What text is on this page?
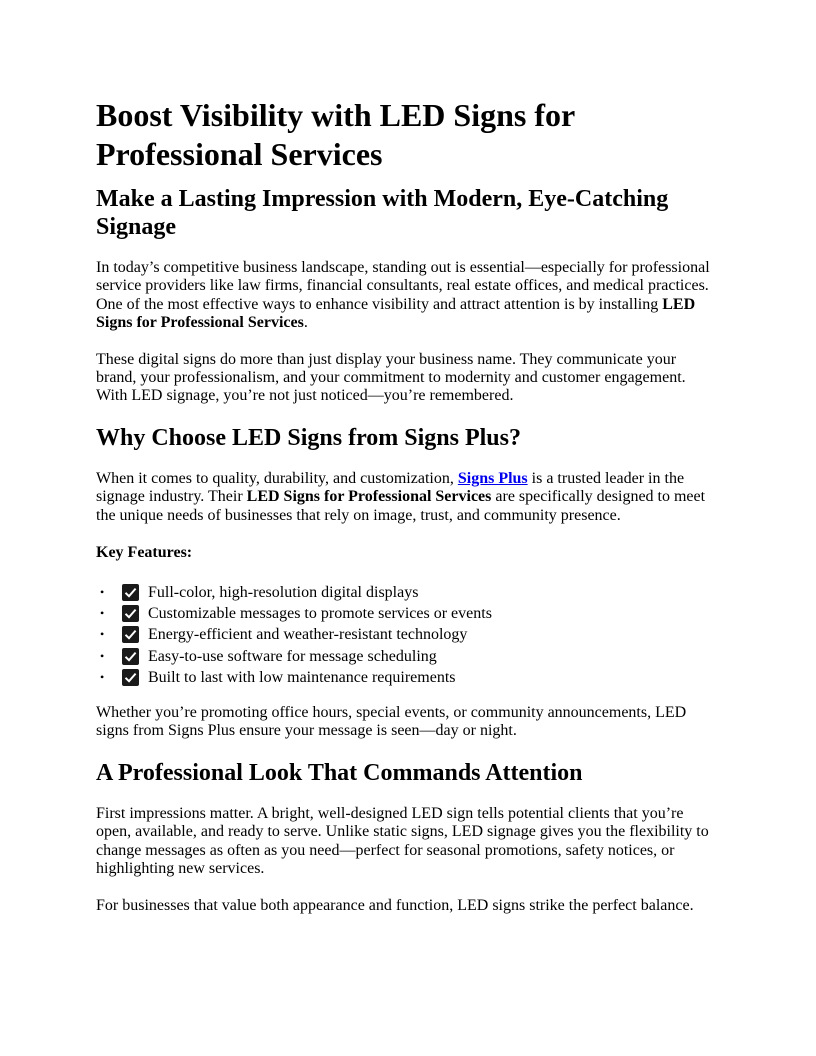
Boost Visibility with LED Signs for Professional Services
Make a Lasting Impression with Modern, Eye-Catching Signage

In today’s competitive business landscape, standing out is essential—especially for professional service providers like law firms, financial consultants, real estate offices, and medical practices. One of the most effective ways to enhance visibility and attract attention is by installing LED Signs for Professional Services.

These digital signs do more than just display your business name. They communicate your brand, your professionalism, and your commitment to modernity and customer engagement. With LED signage, you’re not just noticed—you’re remembered.

Why Choose LED Signs from Signs Plus?

When it comes to quality, durability, and customization, Signs Plus is a trusted leader in the signage industry. Their LED Signs for Professional Services are specifically designed to meet the unique needs of businesses that rely on image, trust, and community presence.

Key Features:
•	Full-color, high-resolution digital displays
•	Customizable messages to promote services or events
•	Energy-efficient and weather-resistant technology
•	Easy-to-use software for message scheduling
•	Built to last with low maintenance requirements

Whether you’re promoting office hours, special events, or community announcements, LED signs from Signs Plus ensure your message is seen—day or night.

A Professional Look That Commands Attention

First impressions matter. A bright, well-designed LED sign tells potential clients that you’re open, available, and ready to serve. Unlike static signs, LED signage gives you the flexibility to change messages as often as you need—perfect for seasonal promotions, safety notices, or highlighting new services.

For businesses that value both appearance and function, LED signs strike the perfect balance.
